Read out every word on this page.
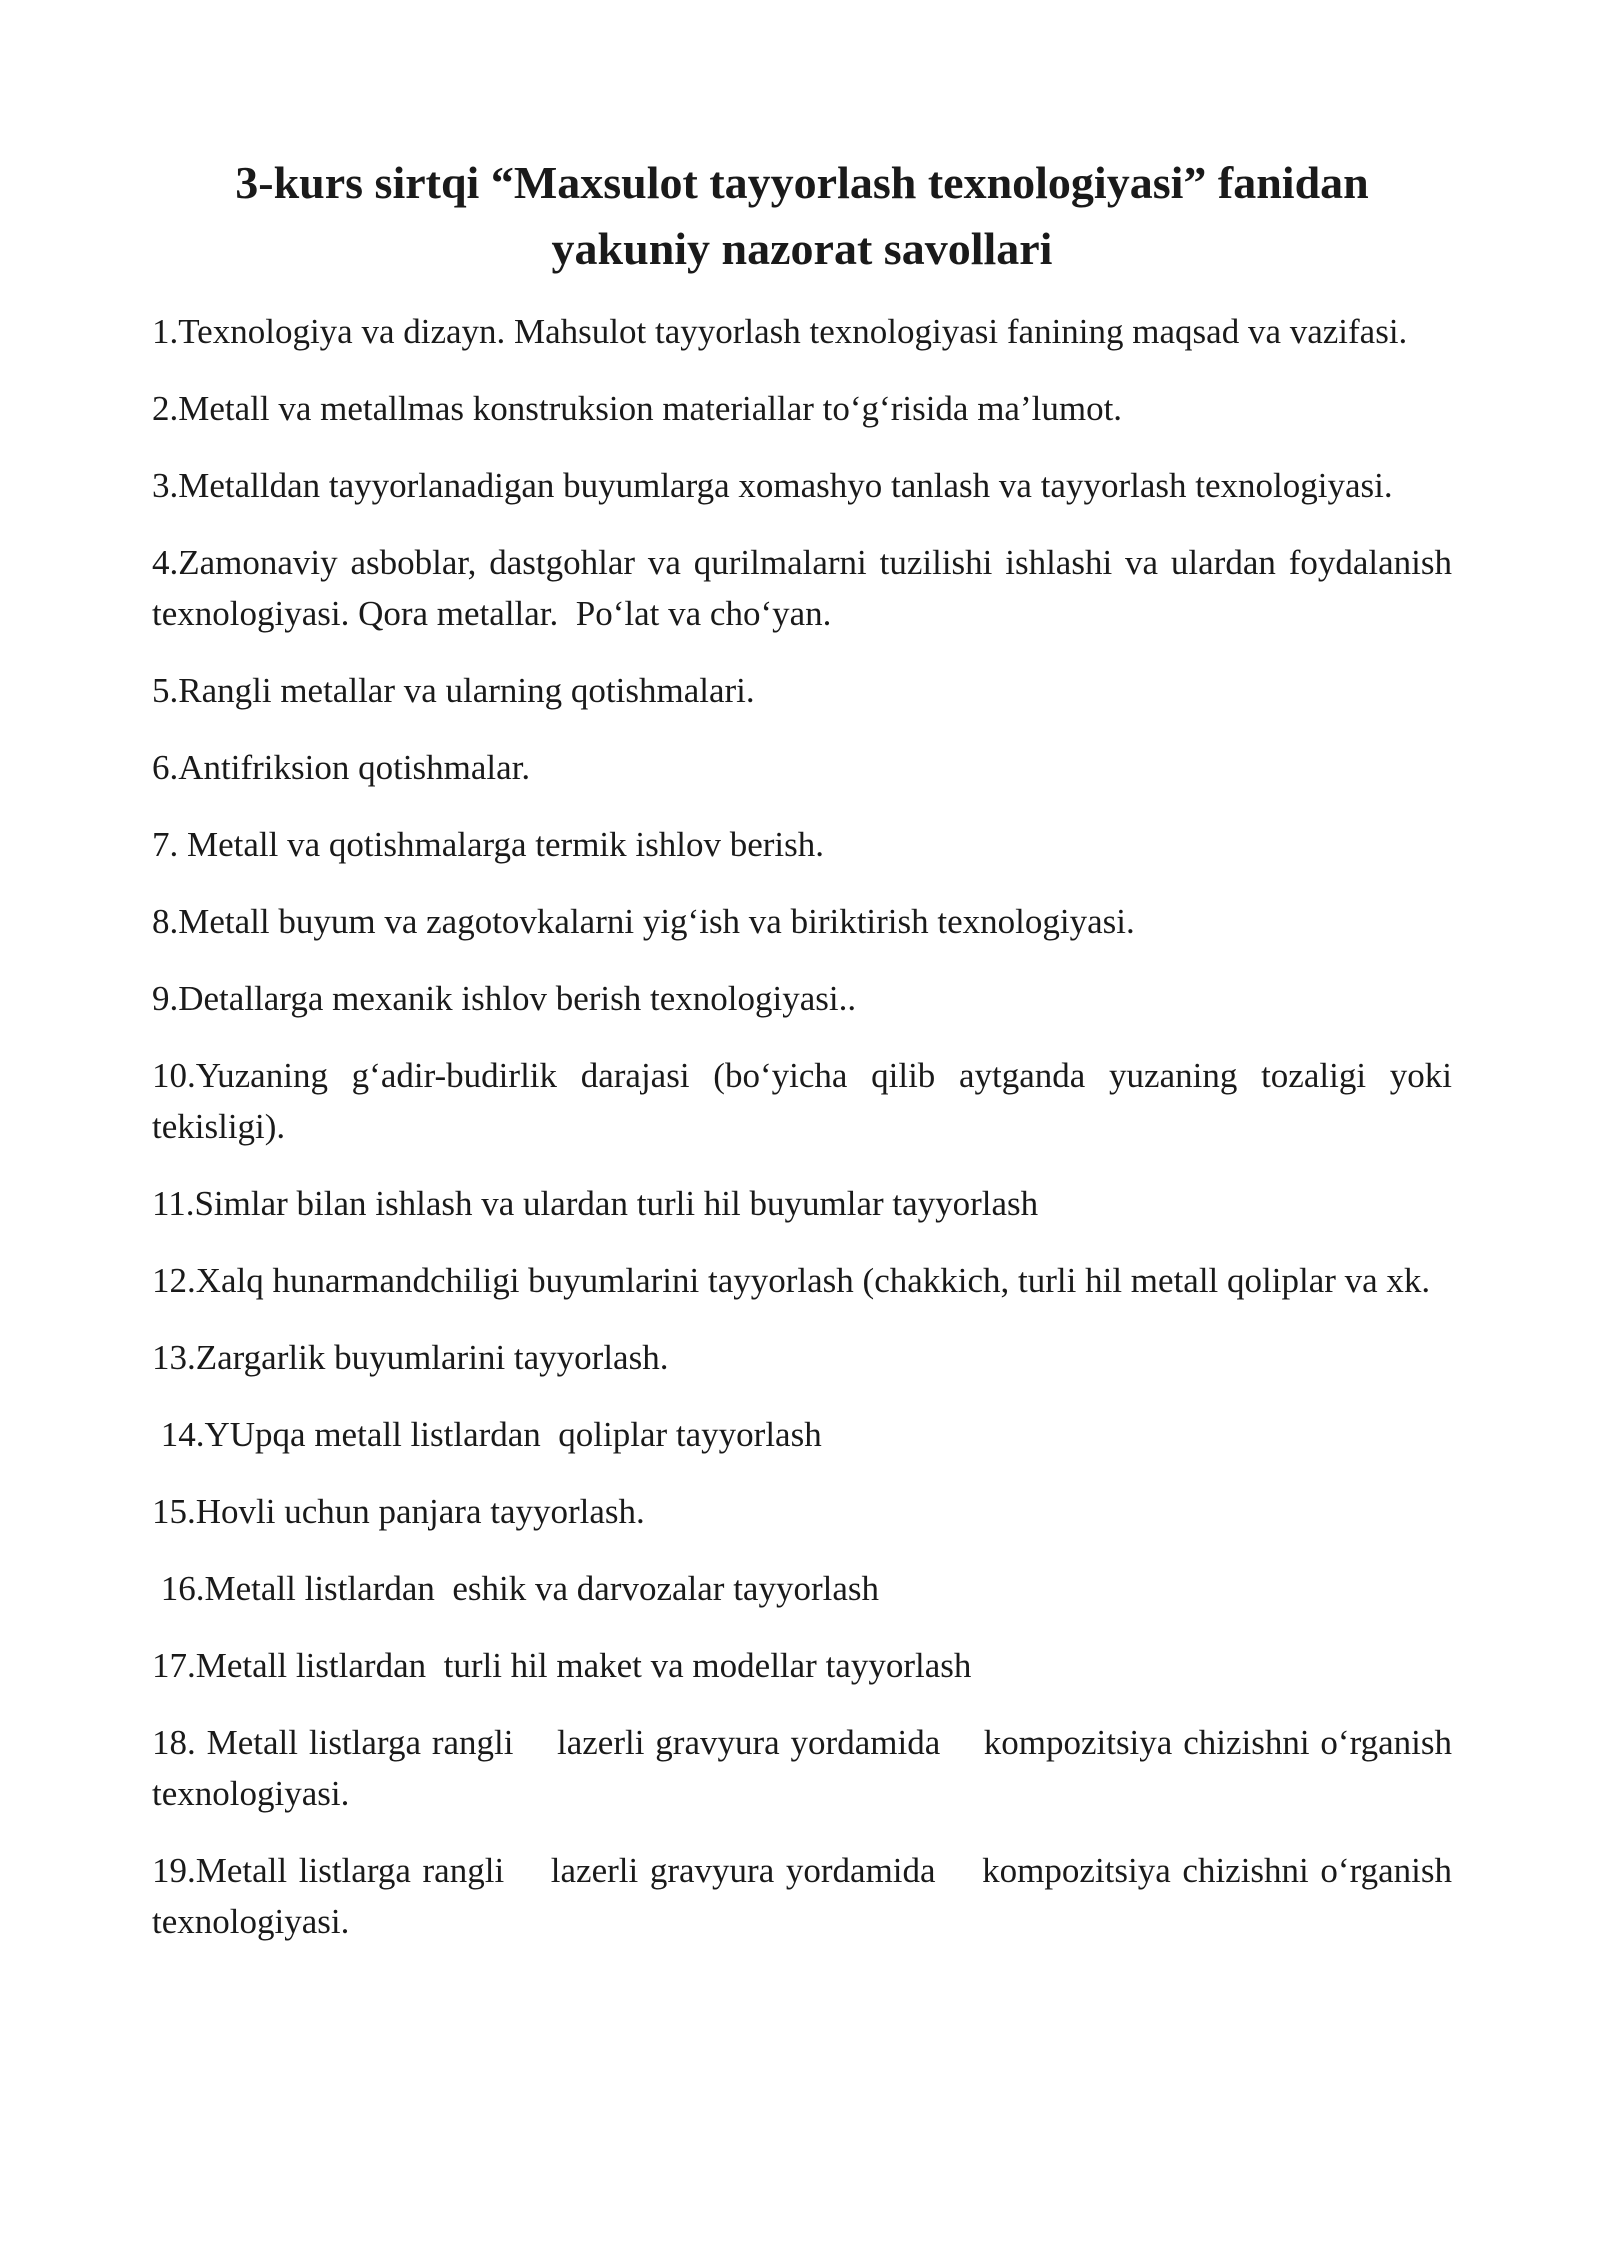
3-kurs sirtqi “Maxsulot tayyorlash texnologiyasi” fanidan
yakuniy nazorat savollari
1.Texnologiya va dizayn. Mahsulot tayyorlash texnologiyasi fanining maqsad va vazifasi.
2.Metall va metallmas konstruksion materiallar to‘g‘risida ma’lumot.
3.Metalldan tayyorlanadigan buyumlarga xomashyo tanlash va tayyorlash texnologiyasi.
4.Zamonaviy asboblar, dastgohlar va qurilmalarni tuzilishi ishlashi va ulardan foydalanish texnologiyasi. Qora metallar.  Po‘lat va cho‘yan.
5.Rangli metallar va ularning qotishmalari.
6.Antifriksion qotishmalar.
7. Metall va qotishmalarga termik ishlov berish.
8.Metall buyum va zagotovkalarni yig‘ish va biriktirish texnologiyasi.
9.Detallarga mexanik ishlov berish texnologiyasi..
10.Yuzaning g‘adir-budirlik darajasi (bo‘yicha qilib aytganda yuzaning tozaligi yoki tekisligi).
11.Simlar bilan ishlash va ulardan turli hil buyumlar tayyorlash
12.Xalq hunarmandchiligi buyumlarini tayyorlash (chakkich, turli hil metall qoliplar va xk.
13.Zargarlik buyumlarini tayyorlash.
14.YUpqa metall listlardan  qoliplar tayyorlash
15.Hovli uchun panjara tayyorlash.
16.Metall listlardan  eshik va darvozalar tayyorlash
17.Metall listlardan  turli hil maket va modellar tayyorlash
18. Metall listlarga rangli    lazerli gravyura yordamida    kompozitsiya chizishni o‘rganish texnologiyasi.
19.Metall listlarga rangli    lazerli gravyura yordamida    kompozitsiya chizishni o‘rganish texnologiyasi.
